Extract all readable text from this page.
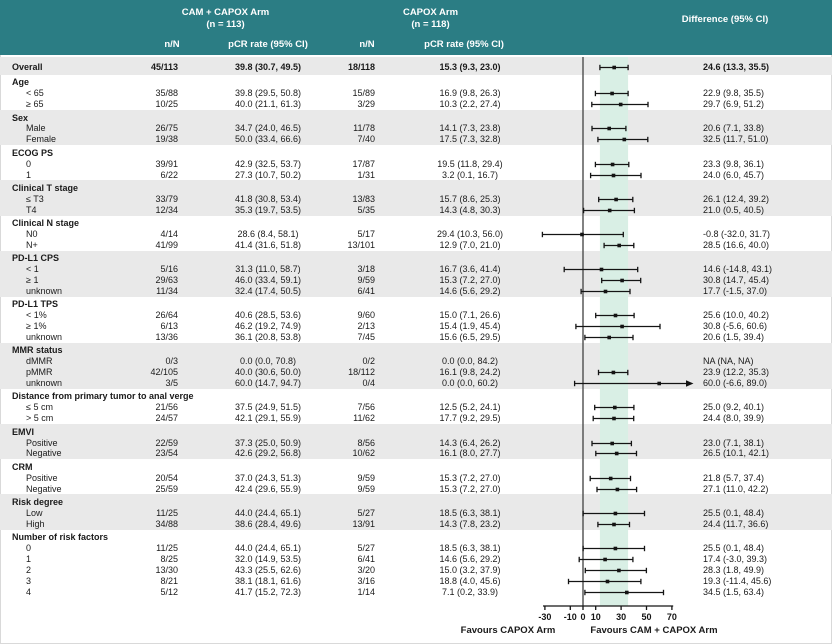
CAM + CAPOX Arm
(n = 113)
CAPOX Arm
(n = 118)
n/N	pCR rate (95% CI)	n/N	pCR rate (95% CI)
Difference (95% CI)
Overall	45/113	39.8 (30.7, 49.5)	18/118	15.3 (9.3, 23.0)	24.6 (13.3, 35.5)
Age
< 65	35/88	39.8 (29.5, 50.8)	15/89	16.9 (9.8, 26.3)	22.9 (9.8, 35.5)
≥ 65	10/25	40.0 (21.1, 61.3)	3/29	10.3 (2.2, 27.4)	29.7 (6.9, 51.2)
Sex
Male	26/75	34.7 (24.0, 46.5)	11/78	14.1 (7.3, 23.8)	20.6 (7.1, 33.8)
Female	19/38	50.0 (33.4, 66.6)	7/40	17.5 (7.3, 32.8)	32.5 (11.7, 51.0)
ECOG PS
0	39/91	42.9 (32.5, 53.7)	17/87	19.5 (11.8, 29.4)	23.3 (9.8, 36.1)
1	6/22	27.3 (10.7, 50.2)	1/31	3.2 (0.1, 16.7)	24.0 (6.0, 45.7)
Clinical T stage
≤ T3	33/79	41.8 (30.8, 53.4)	13/83	15.7 (8.6, 25.3)	26.1 (12.4, 39.2)
T4	12/34	35.3 (19.7, 53.5)	5/35	14.3 (4.8, 30.3)	21.0 (0.5, 40.5)
Clinical N stage
N0	4/14	28.6 (8.4, 58.1)	5/17	29.4 (10.3, 56.0)	-0.8 (-32.0, 31.7)
N+	41/99	41.4 (31.6, 51.8)	13/101	12.9 (7.0, 21.0)	28.5 (16.6, 40.0)
PD-L1 CPS
< 1	5/16	31.3 (11.0, 58.7)	3/18	16.7 (3.6, 41.4)	14.6 (-14.8, 43.1)
≥ 1	29/63	46.0 (33.4, 59.1)	9/59	15.3 (7.2, 27.0)	30.8 (14.7, 45.4)
unknown	11/34	32.4 (17.4, 50.5)	6/41	14.6 (5.6, 29.2)	17.7 (-1.5, 37.0)
PD-L1 TPS
< 1%	26/64	40.6 (28.5, 53.6)	9/60	15.0 (7.1, 26.6)	25.6 (10.0, 40.2)
≥ 1%	6/13	46.2 (19.2, 74.9)	2/13	15.4 (1.9, 45.4)	30.8 (-5.6, 60.6)
unknown	13/36	36.1 (20.8, 53.8)	7/45	15.6 (6.5, 29.5)	20.6 (1.5, 39.4)
MMR status
dMMR	0/3	0.0 (0.0, 70.8)	0/2	0.0 (0.0, 84.2)	NA (NA, NA)
pMMR	42/105	40.0 (30.6, 50.0)	18/112	16.1 (9.8, 24.2)	23.9 (12.2, 35.3)
unknown	3/5	60.0 (14.7, 94.7)	0/4	0.0 (0.0, 60.2)	60.0 (-6.6, 89.0)
Distance from primary tumor to anal verge
≤ 5 cm	21/56	37.5 (24.9, 51.5)	7/56	12.5 (5.2, 24.1)	25.0 (9.2, 40.1)
> 5 cm	24/57	42.1 (29.1, 55.9)	11/62	17.7 (9.2, 29.5)	24.4 (8.0, 39.9)
EMVI
Positive	22/59	37.3 (25.0, 50.9)	8/56	14.3 (6.4, 26.2)	23.0 (7.1, 38.1)
Negative	23/54	42.6 (29.2, 56.8)	10/62	16.1 (8.0, 27.7)	26.5 (10.1, 42.1)
CRM
Positive	20/54	37.0 (24.3, 51.3)	9/59	15.3 (7.2, 27.0)	21.8 (5.7, 37.4)
Negative	25/59	42.4 (29.6, 55.9)	9/59	15.3 (7.2, 27.0)	27.1 (11.0, 42.2)
Risk degree
Low	11/25	44.0 (24.4, 65.1)	5/27	18.5 (6.3, 38.1)	25.5 (0.1, 48.4)
High	34/88	38.6 (28.4, 49.6)	13/91	14.3 (7.8, 23.2)	24.4 (11.7, 36.6)
Number of risk factors
0	11/25	44.0 (24.4, 65.1)	5/27	18.5 (6.3, 38.1)	25.5 (0.1, 48.4)
1	8/25	32.0 (14.9, 53.5)	6/41	14.6 (5.6, 29.2)	17.4 (-3.0, 39.3)
2	13/30	43.3 (25.5, 62.6)	3/20	15.0 (3.2, 37.9)	28.3 (1.8, 49.9)
3	8/21	38.1 (18.1, 61.6)	3/16	18.8 (4.0, 45.6)	19.3 (-11.4, 45.6)
4	5/12	41.7 (15.2, 72.3)	1/14	7.1 (0.2, 33.9)	34.5 (1.5, 63.4)
-30 -10 0 10 30 50 70
Favours CAPOX Arm	Favours CAM + CAPOX Arm
